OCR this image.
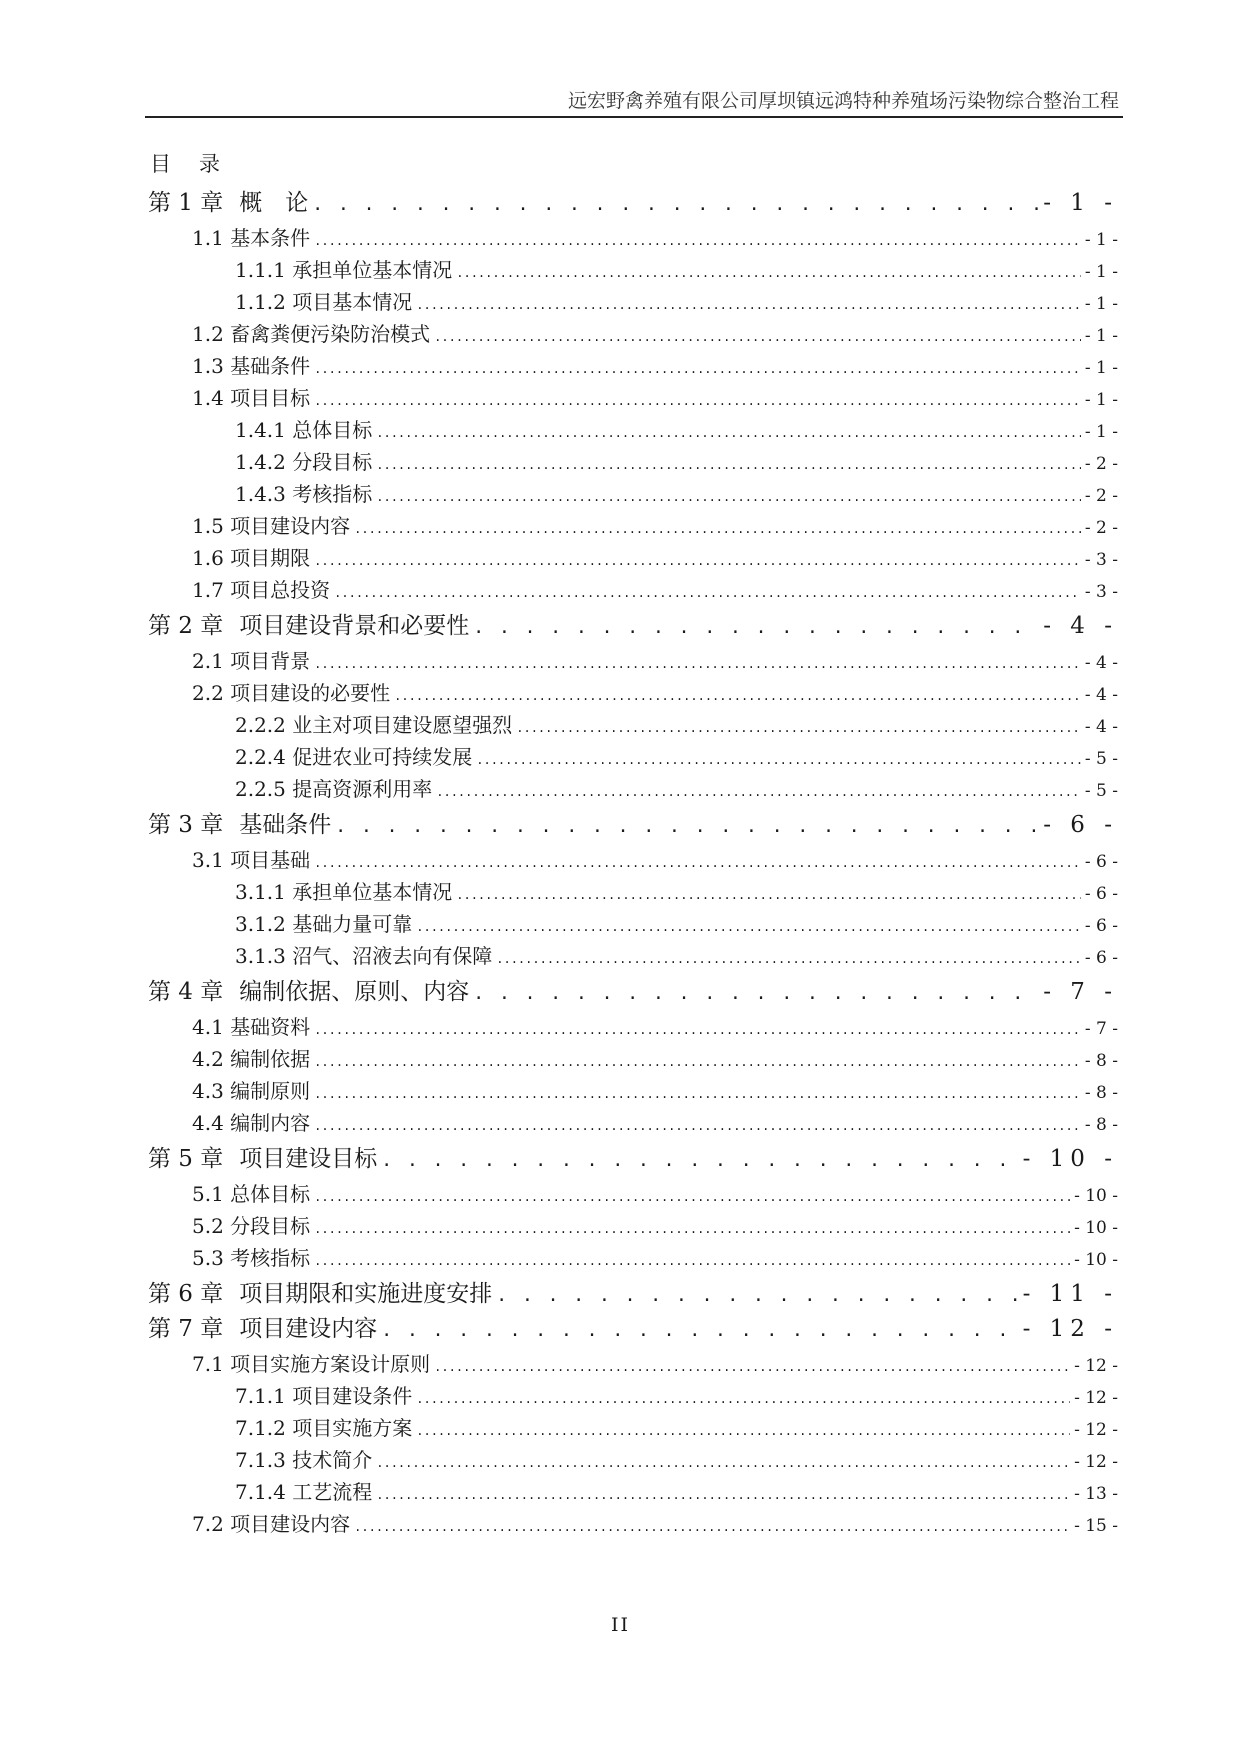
远宏野禽养殖有限公司厚坝镇远鸿特种养殖场污染物综合整治工程
目录
第 1 章 概　论 . . .	- 1 -
1.1 基本条件 .....	- 1 -
1.1.1 承担单位基本情况 .....	- 1 -
1.1.2 项目基本情况 .....	- 1 -
1.2 畜禽粪便污染防治模式 .....	- 1 -
1.3 基础条件 .....	- 1 -
1.4 项目目标 .....	- 1 -
1.4.1 总体目标 .....	- 1 -
1.4.2 分段目标 .....	- 2 -
1.4.3 考核指标 .....	- 2 -
1.5 项目建设内容 .....	- 2 -
1.6 项目期限 .....	- 3 -
1.7 项目总投资 .....	- 3 -
第 2 章 项目建设背景和必要性 . . .	- 4 -
2.1 项目背景 .....	- 4 -
2.2 项目建设的必要性 .....	- 4 -
2.2.2 业主对项目建设愿望强烈 .....	- 4 -
2.2.4 促进农业可持续发展 .....	- 5 -
2.2.5 提高资源利用率 .....	- 5 -
第 3 章 基础条件 . . .	- 6 -
3.1 项目基础 .....	- 6 -
3.1.1 承担单位基本情况 .....	- 6 -
3.1.2 基础力量可靠 .....	- 6 -
3.1.3 沼气、沼液去向有保障 .....	- 6 -
第 4 章 编制依据、原则、内容 . . .	- 7 -
4.1 基础资料 .....	- 7 -
4.2 编制依据 .....	- 8 -
4.3 编制原则 .....	- 8 -
4.4 编制内容 .....	- 8 -
第 5 章 项目建设目标 . . .	- 10 -
5.1 总体目标 .....	- 10 -
5.2 分段目标 .....	- 10 -
5.3 考核指标 .....	- 10 -
第 6 章 项目期限和实施进度安排 . . .	- 11 -
第 7 章 项目建设内容 . . .	- 12 -
7.1 项目实施方案设计原则 .....	- 12 -
7.1.1 项目建设条件 .....	- 12 -
7.1.2 项目实施方案 .....	- 12 -
7.1.3 技术简介 .....	- 12 -
7.1.4 工艺流程 .....	- 13 -
7.2 项目建设内容 .....	- 15 -
II
